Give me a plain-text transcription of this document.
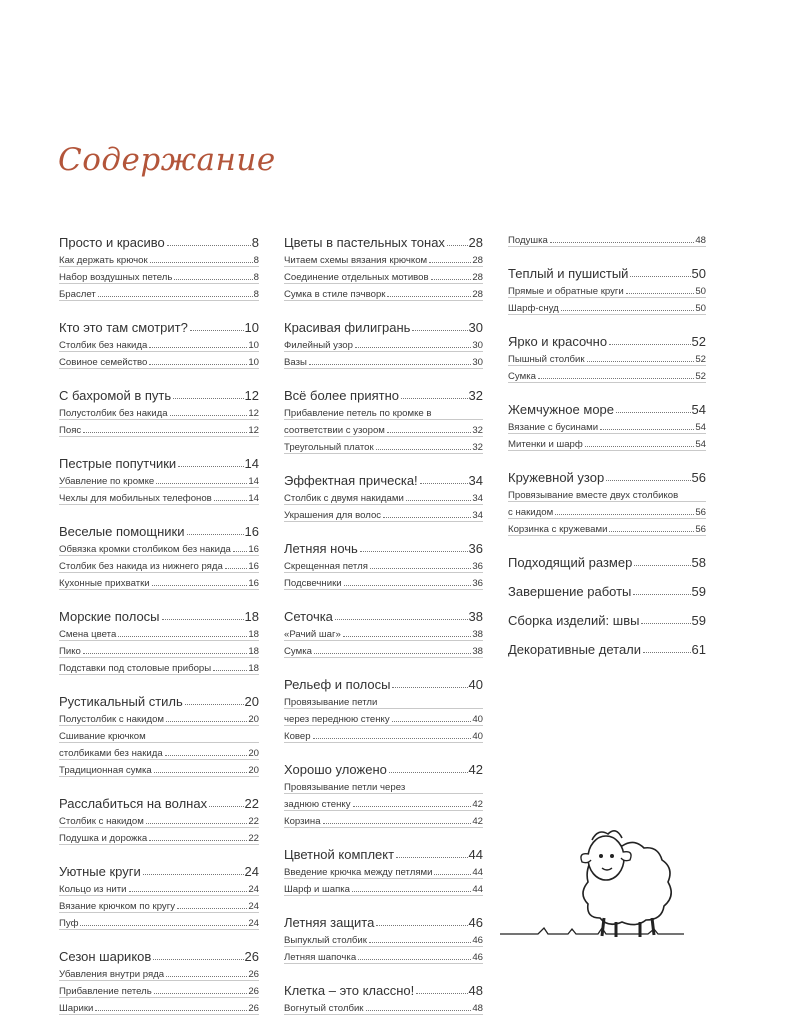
Содержание
Просто и красиво	8
Как держать крючок	8
Набор воздушных петель	8
Браслет	8
Кто это там смотрит?	10
Столбик без накида	10
Совиное семейство	10
С бахромой в путь	12
Полустолбик без накида	12
Пояс	12
Пестрые попутчики	14
Убавление по кромке	14
Чехлы для мобильных телефонов	14
Веселые помощники	16
Обвязка кромки столбиком без накида 16
Столбик без накида из нижнего ряда	16
Кухонные прихватки	16
Морские полосы	18
Смена цвета	18
Пико	18
Подставки под столовые приборы	18
Рустикальный стиль	20
Полустолбик с накидом	20
Сшивание крючком
столбиками без накида	20
Традиционная сумка	20
Расслабиться на волнах	22
Столбик с накидом	22
Подушка и дорожка	22
Уютные круги	24
Кольцо из нити	24
Вязание крючком по кругу	24
Пуф	24
Сезон шариков	26
Убавления внутри ряда	26
Прибавление петель	26
Шарики	26
Цветы в пастельных тонах 28
Читаем схемы вязания крючком	28
Соединение отдельных мотивов	28
Сумка в стиле пэчворк	28
Красивая филигрань	30
Филейный узор	30
Вазы	30
Всё более приятно	32
Прибавление петель по кромке в
соответствии с узором	32
Треугольный платок	32
Эффектная прическа!	34
Столбик с двумя накидами	34
Украшения для волос	34
Летняя ночь	36
Скрещенная петля	36
Подсвечники	36
Сеточка	38
«Рачий шаг»	38
Сумка	38
Рельеф и полосы	40
Провязывание петли
через переднюю стенку	40
Ковер	40
Хорошо уложено	42
Провязывание петли через
заднюю стенку	42
Корзина	42
Цветной комплект	44
Введение крючка между петлями	44
Шарф и шапка	44
Летняя защита	46
Выпуклый столбик	46
Летняя шапочка	46
Клетка – это классно!	48
Вогнутый столбик	48
Подушка	48
Теплый и пушистый	50
Прямые и обратные круги	50
Шарф-снуд	50
Ярко и красочно	52
Пышный столбик	52
Сумка	52
Жемчужное море	54
Вязание с бусинами	54
Митенки и шарф	54
Кружевной узор	56
Провязывание вместе двух столбиков
с накидом	56
Корзинка с кружевами	56
Подходящий размер	58
Завершение работы	59
Сборка изделий: швы	59
Декоративные детали	61
